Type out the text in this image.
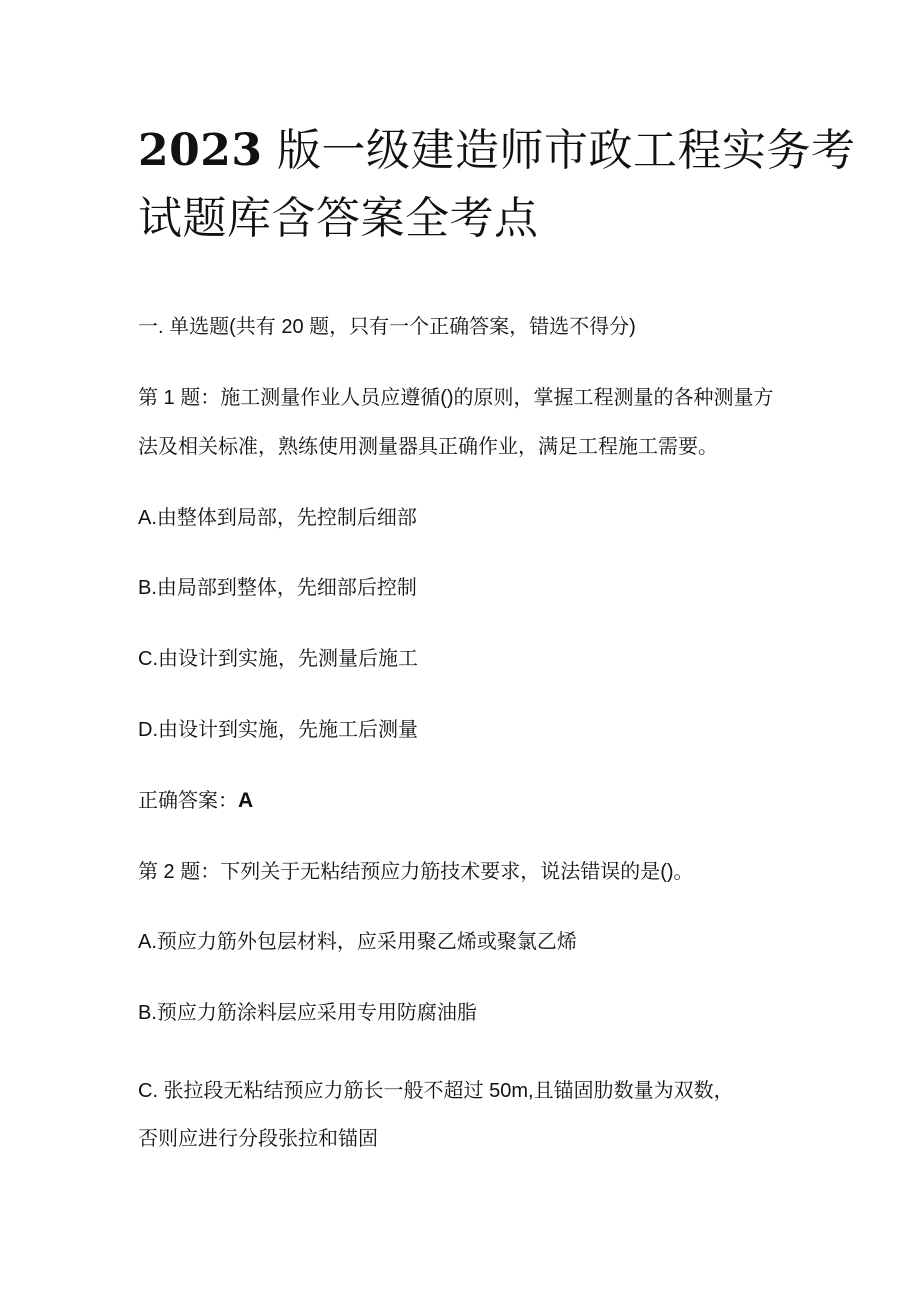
2023 版一级建造师市政工程实务考
试题库含答案全考点
一. 单选题(共有 20 题，只有一个正确答案，错选不得分)
第 1 题：施工测量作业人员应遵循()的原则，掌握工程测量的各种测量方
法及相关标准，熟练使用测量器具正确作业，满足工程施工需要。
A.由整体到局部，先控制后细部
B.由局部到整体，先细部后控制
C.由设计到实施，先测量后施工
D.由设计到实施，先施工后测量
正确答案：A
第 2 题：下列关于无粘结预应力筋技术要求，说法错误的是()。
A.预应力筋外包层材料，应采用聚乙烯或聚氯乙烯
B.预应力筋涂料层应采用专用防腐油脂
C. 张拉段无粘结预应力筋长一般不超过 50m,且锚固肋数量为双数，
否则应进行分段张拉和锚固
